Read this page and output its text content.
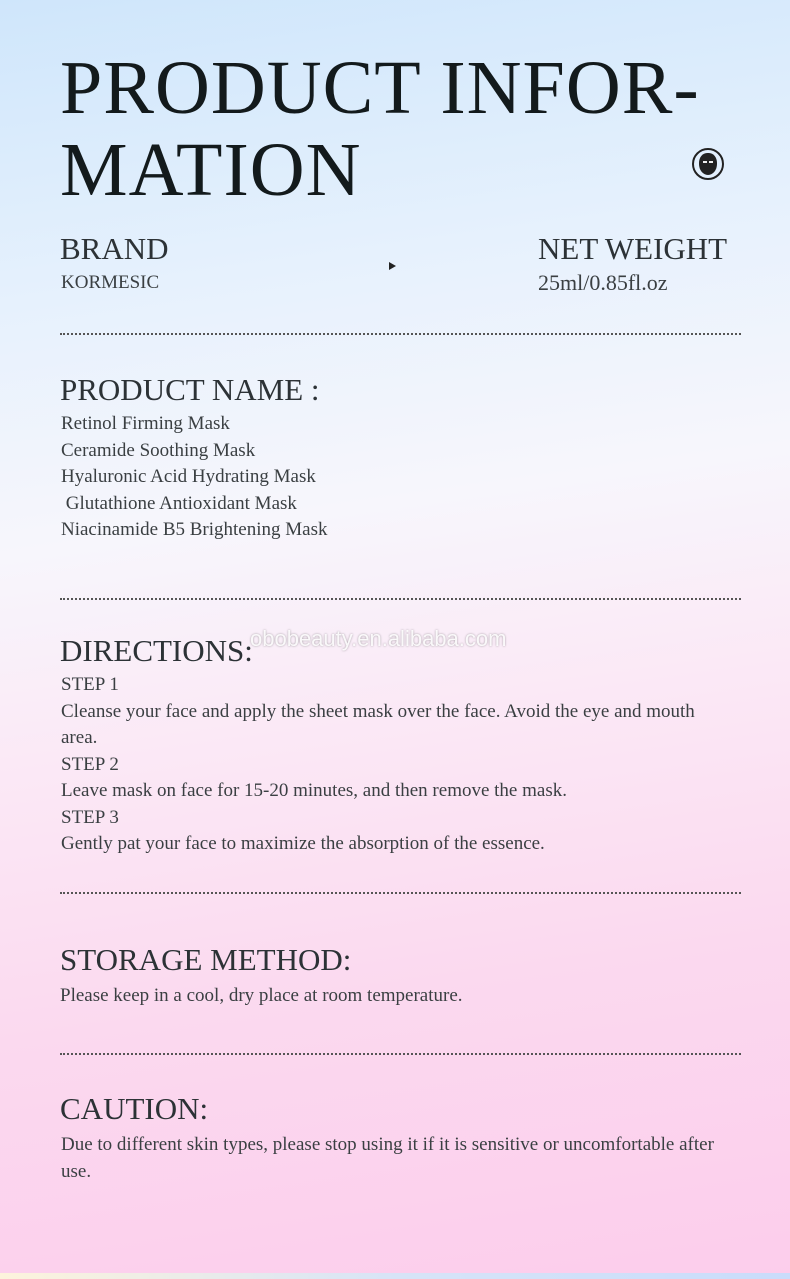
PRODUCT INFOR-
MATION
BRAND
KORMESIC
NET WEIGHT
25ml/0.85fl.oz
PRODUCT NAME :
Retinol Firming Mask
Ceramide Soothing Mask
Hyaluronic Acid Hydrating Mask
Glutathione Antioxidant Mask
Niacinamide B5 Brightening Mask
DIRECTIONS:
obobeauty.en.alibaba.com
STEP 1
Cleanse your face and apply the sheet mask over the face. Avoid the eye and mouth area.
STEP 2
Leave mask on face for 15-20 minutes, and then remove the mask.
STEP 3
Gently pat your face to maximize the absorption of the essence.
STORAGE METHOD:
Please keep in a cool, dry place at room temperature.
CAUTION:
Due to different skin types, please stop using it if it is sensitive or uncomfortable after use.
